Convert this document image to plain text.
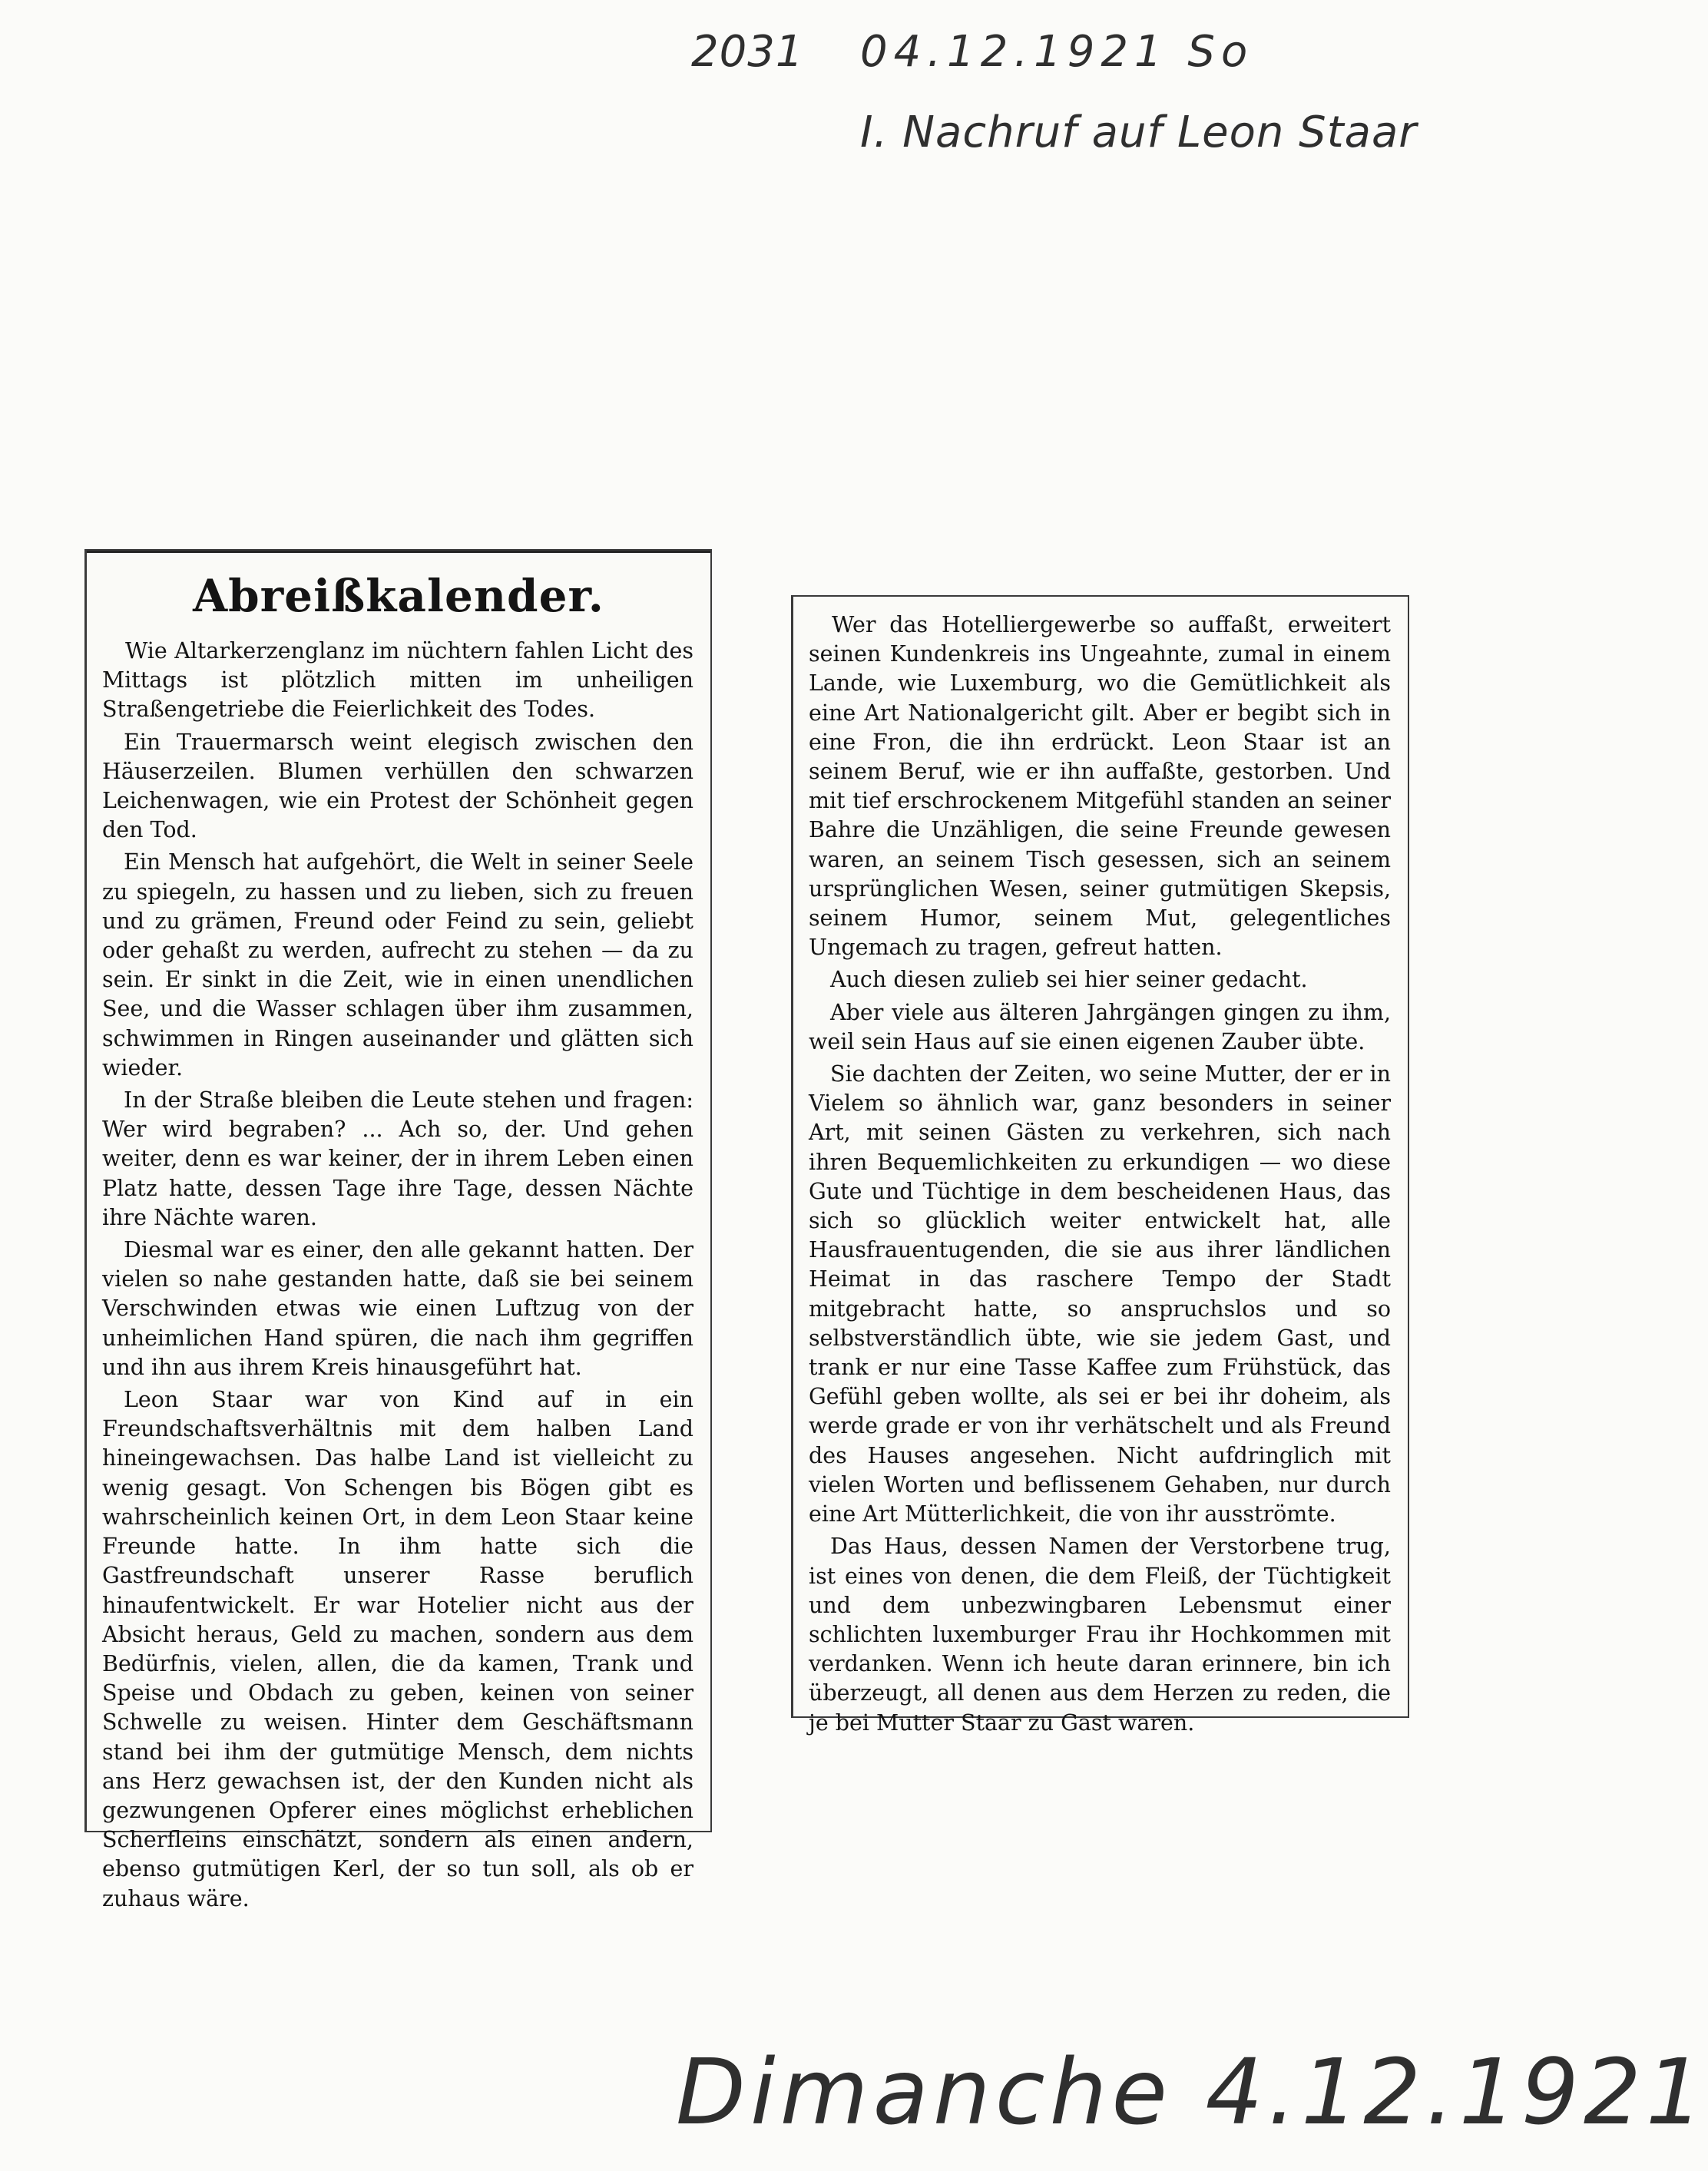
2031 04.12.1921 So
I. Nachruf auf Leon Staar
Abreißkalender.

Wie Altarkerzenglanz im nüchtern fahlen Licht des Mittags ist plötzlich mitten im unheiligen Straßengetriebe die Feierlichkeit des Todes.

Ein Trauermarsch weint elegisch zwischen den Häuserzeilen. Blumen verhüllen den schwarzen Leichenwagen, wie ein Protest der Schönheit gegen den Tod.

Ein Mensch hat aufgehört, die Welt in seiner Seele zu spiegeln, zu hassen und zu lieben, sich zu freuen und zu grämen, Freund oder Feind zu sein, geliebt oder gehaßt zu werden, aufrecht zu stehen — da zu sein. Er sinkt in die Zeit, wie in einen unendlichen See, und die Wasser schlagen über ihm zusammen, schwimmen in Ringen auseinander und glätten sich wieder.

In der Straße bleiben die Leute stehen und fragen: Wer wird begraben? ... Ach so, der. Und gehen weiter, denn es war keiner, der in ihrem Leben einen Platz hatte, dessen Tage ihre Tage, dessen Nächte ihre Nächte waren.

Diesmal war es einer, den alle gekannt hatten. Der vielen so nahe gestanden hatte, daß sie bei seinem Verschwinden etwas wie einen Luftzug von der unheimlichen Hand spüren, die nach ihm gegriffen und ihn aus ihrem Kreis hinausgeführt hat.

Leon Staar war von Kind auf in ein Freundschaftsverhältnis mit dem halben Land hineingewachsen. Das halbe Land ist vielleicht zu wenig gesagt. Von Schengen bis Bögen gibt es wahrscheinlich keinen Ort, in dem Leon Staar keine Freunde hatte. In ihm hatte sich die Gastfreundschaft unserer Rasse beruflich hinaufentwickelt. Er war Hotelier nicht aus der Absicht heraus, Geld zu machen, sondern aus dem Bedürfnis, vielen, allen, die da kamen, Trank und Speise und Obdach zu geben, keinen von seiner Schwelle zu weisen. Hinter dem Geschäftsmann stand bei ihm der gutmütige Mensch, dem nichts ans Herz gewachsen ist, der den Kunden nicht als gezwungenen Opferer eines möglichst erheblichen Scherfleins einschätzt, sondern als einen andern, ebenso gutmütigen Kerl, der so tun soll, als ob er zuhaus wäre.

Wer das Hotelliergewerbe so auffaßt, erweitert seinen Kundenkreis ins Ungeahnte, zumal in einem Lande, wie Luxemburg, wo die Gemütlichkeit als eine Art Nationalgericht gilt. Aber er begibt sich in eine Fron, die ihn erdrückt. Leon Staar ist an seinem Beruf, wie er ihn auffaßte, gestorben. Und mit tief erschrockenem Mitgefühl standen an seiner Bahre die Unzähligen, die seine Freunde gewesen waren, an seinem Tisch gesessen, sich an seinem ursprünglichen Wesen, seiner gutmütigen Skepsis, seinem Humor, seinem Mut, gelegentliches Ungemach zu tragen, gefreut hatten.

Auch diesen zulieb sei hier seiner gedacht.

Aber viele aus älteren Jahrgängen gingen zu ihm, weil sein Haus auf sie einen eigenen Zauber übte.

Sie dachten der Zeiten, wo seine Mutter, der er in Vielem so ähnlich war, ganz besonders in seiner Art, mit seinen Gästen zu verkehren, sich nach ihren Bequemlichkeiten zu erkundigen — wo diese Gute und Tüchtige in dem bescheidenen Haus, das sich so glücklich weiter entwickelt hat, alle Hausfrauentugenden, die sie aus ihrer ländlichen Heimat in das raschere Tempo der Stadt mitgebracht hatte, so anspruchslos und so selbstverständlich übte, wie sie jedem Gast, und trank er nur eine Tasse Kaffee zum Frühstück, das Gefühl geben wollte, als sei er bei ihr doheim, als werde grade er von ihr verhätschelt und als Freund des Hauses angesehen. Nicht aufdringlich mit vielen Worten und beflissenem Gehaben, nur durch eine Art Mütterlichkeit, die von ihr ausströmte.

Das Haus, dessen Namen der Verstorbene trug, ist eines von denen, die dem Fleiß, der Tüchtigkeit und dem unbezwingbaren Lebensmut einer schlichten luxemburger Frau ihr Hochkommen mit verdanken. Wenn ich heute daran erinnere, bin ich überzeugt, all denen aus dem Herzen zu reden, die je bei Mutter Staar zu Gast waren.

Dimanche 4.12.1921
